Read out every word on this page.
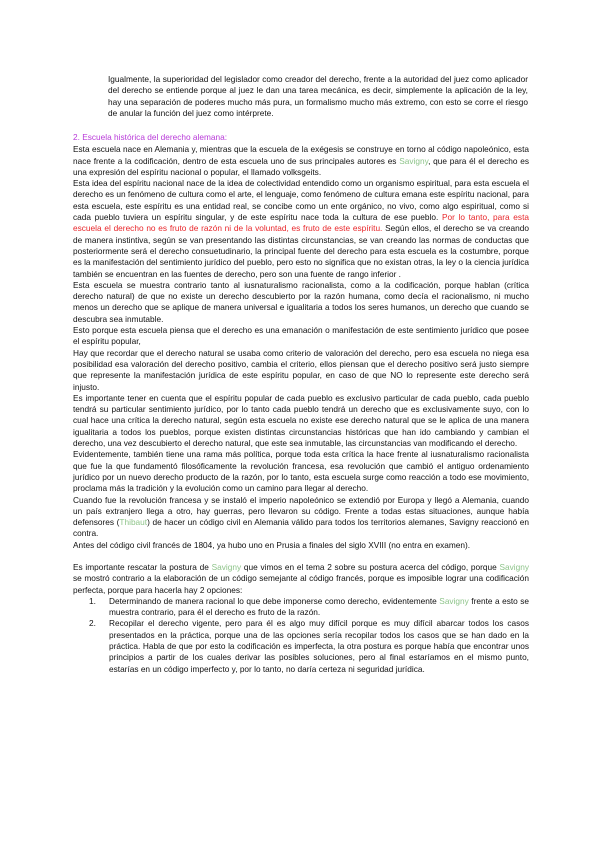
Igualmente, la superioridad del legislador como creador del derecho, frente a la autoridad del juez como aplicador del derecho se entiende porque al juez le dan una tarea mecánica, es decir, simplemente la aplicación de la ley, hay una separación de poderes mucho más pura, un formalismo mucho más extremo, con esto se corre el riesgo de anular la función del juez como intérprete.

2. Escuela histórica del derecho alemana:

Esta escuela nace en Alemania y, mientras que la escuela de la exégesis se construye en torno al código napoleónico, esta nace frente a la codificación, dentro de esta escuela uno de sus principales autores es Savigny, que para él el derecho es una expresión del espíritu nacional o popular, el llamado volksgeits.

Esta idea del espíritu nacional nace de la idea de colectividad entendido como un organismo espiritual, para esta escuela el derecho es un fenómeno de cultura como el arte, el lenguaje, como fenómeno de cultura emana este espíritu nacional, para esta escuela, este espíritu es una entidad real, se concibe como un ente orgánico, no vivo, como algo espiritual, como si cada pueblo tuviera un espíritu singular, y de este espíritu nace toda la cultura de ese pueblo. Por lo tanto, para esta escuela el derecho no es fruto de razón ni de la voluntad, es fruto de este espíritu. Según ellos, el derecho se va creando de manera instintiva, según se van presentando las distintas circunstancias, se van creando las normas de conductas que posteriormente será el derecho consuetudinario, la principal fuente del derecho para esta escuela es la costumbre, porque es la manifestación del sentimiento jurídico del pueblo, pero esto no significa que no existan otras, la ley o la ciencia jurídica también se encuentran en las fuentes de derecho, pero son una fuente de rango inferior .

Esta escuela se muestra contrario tanto al iusnaturalismo racionalista, como a la codificación, porque hablan (crítica derecho natural) de que no existe un derecho descubierto por la razón humana, como decía el racionalismo, ni mucho menos un derecho que se aplique de manera universal e igualitaria a todos los seres humanos, un derecho que cuando se descubra sea inmutable.

Esto porque esta escuela piensa que el derecho es una emanación o manifestación de este sentimiento jurídico que posee el espíritu popular,

Hay que recordar que el derecho natural se usaba como criterio de valoración del derecho, pero esa escuela no niega esa posibilidad esa valoración del derecho positivo, cambia el criterio, ellos piensan que el derecho positivo será justo siempre que represente la manifestación jurídica de este espíritu popular, en caso de que NO lo represente este derecho será injusto.

Es importante tener en cuenta que el espíritu popular de cada pueblo es exclusivo particular de cada pueblo, cada pueblo tendrá su particular sentimiento jurídico, por lo tanto cada pueblo tendrá un derecho que es exclusivamente suyo, con lo cual hace una crítica la derecho natural, según esta escuela no existe ese derecho natural que se le aplica de una manera igualitaria a todos los pueblos, porque existen distintas circunstancias históricas que han ido cambiando y cambian el derecho, una vez descubierto el derecho natural, que este sea inmutable, las circunstancias van modificando el derecho.

Evidentemente, también tiene una rama más política, porque toda esta crítica la hace frente al iusnaturalismo racionalista que fue la que fundamentó filosóficamente la revolución francesa, esa revolución que cambió el antiguo ordenamiento jurídico por un nuevo derecho producto de la razón, por lo tanto, esta escuela surge como reacción a todo ese movimiento, proclama más la tradición y la evolución como un camino para llegar al derecho.

Cuando fue la revolución francesa y se instaló el imperio napoleónico se extendió por Europa y llegó a Alemania, cuando un país extranjero llega a otro, hay guerras, pero llevaron su código. Frente a todas estas situaciones, aunque había defensores (Thibaut) de hacer un código civil en Alemania válido para todos los territorios alemanes, Savigny reaccionó en contra.

Antes del código civil francés de 1804, ya hubo uno en Prusia a finales del siglo XVIII (no entra en examen).

Es importante rescatar la postura de Savigny que vimos en el tema 2 sobre su postura acerca del código, porque Savigny se mostró contrario a la elaboración de un código semejante al código francés, porque es imposible lograr una codificación perfecta, porque para hacerla hay 2 opciones:

1. Determinando de manera racional lo que debe imponerse como derecho, evidentemente Savigny frente a esto se muestra contrario, para él el derecho es fruto de la razón.
2. Recopilar el derecho vigente, pero para él es algo muy difícil porque es muy difícil abarcar todos los casos presentados en la práctica, porque una de las opciones sería recopilar todos los casos que se han dado en la práctica. Habla de que por esto la codificación es imperfecta, la otra postura es porque había que encontrar unos principios a partir de los cuales derivar las posibles soluciones, pero al final estaríamos en el mismo punto, estarías en un código imperfecto y, por lo tanto, no daría certeza ni seguridad jurídica.
